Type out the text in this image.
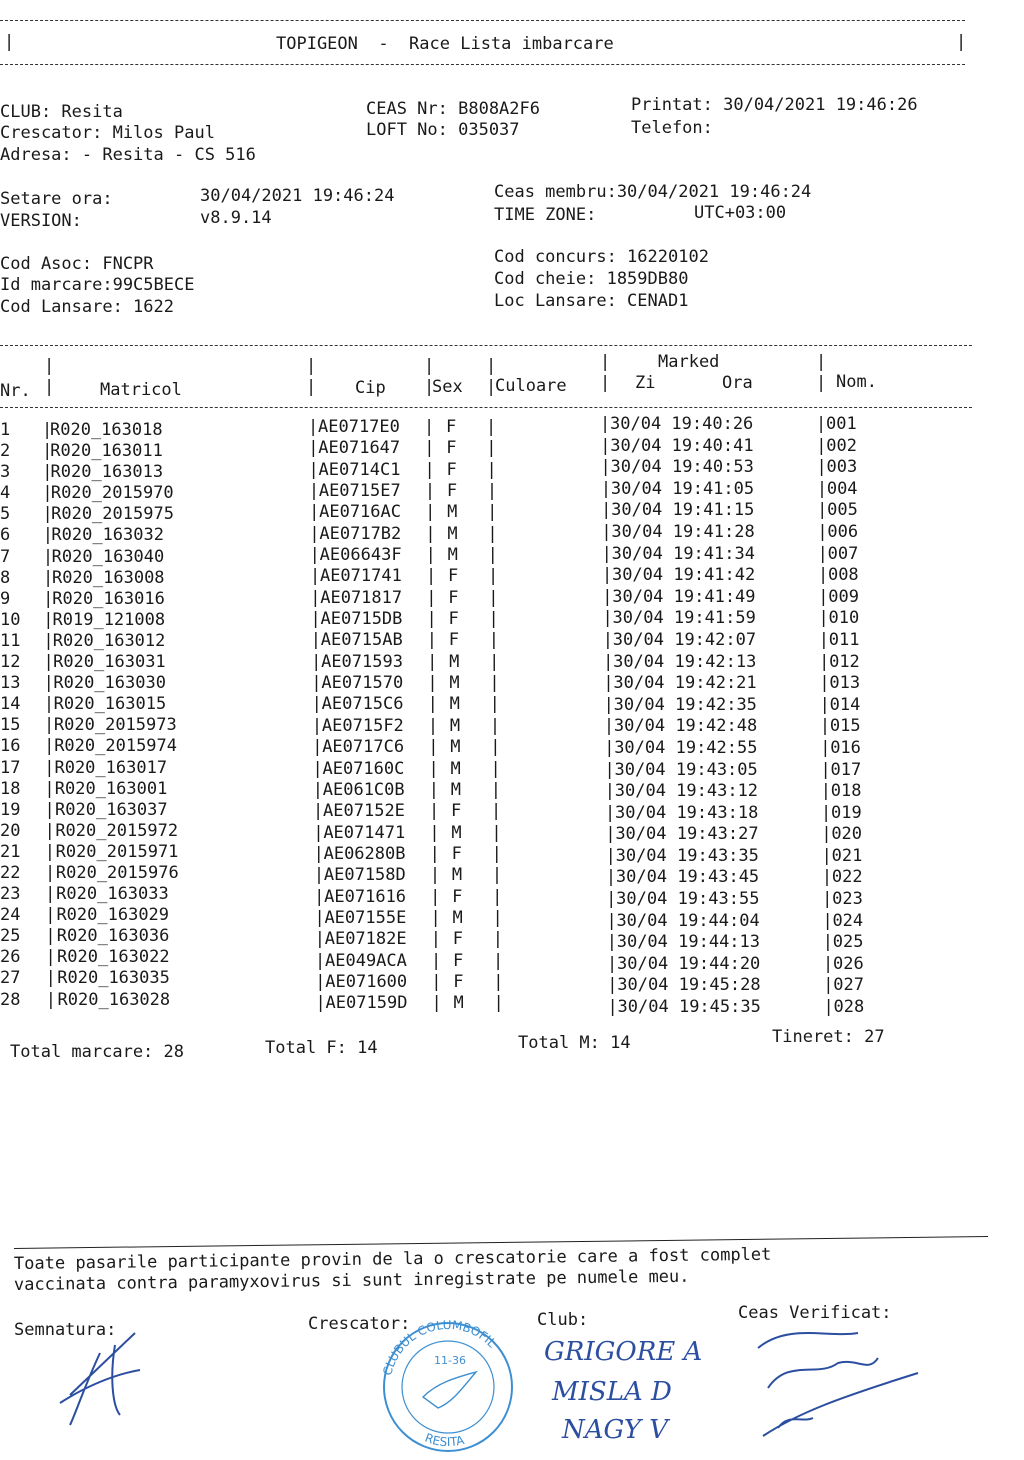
|	|
TOPIGEON  -  Race Lista imbarcare
CLUB: Resita
Crescator: Milos Paul
Adresa: - Resita - CS 516
CEAS Nr: B808A2F6
LOFT No: 035037
Printat: 30/04/2021 19:46:26
Telefon:
Setare ora:	30/04/2021 19:46:24
VERSION:	v8.9.14
Ceas membru:30/04/2021 19:46:24
TIME ZONE:	UTC+03:00
Cod Asoc: FNCPR
Id marcare:99C5BECE
Cod Lansare: 1622
Cod concurs: 16220102
Cod cheie: 1859DB80
Loc Lansare: CENAD1
Marked
Nr.	Matricol	Cip	Sex Culoare	Zi	Ora	Nom.
|
|
|
|
|
|
|
|
|
|
|
|
1 R020_163018	AE0717E0	F	30/04 19:40:26	001
|	|	|	|	|	|
2 R020_163011	AE071647	F	30/04 19:40:41	002
|	|	|	|	|	|
3 R020_163013	AE0714C1	F	30/04 19:40:53	003
|	|	|	|	|	|
4 R020_2015970	AE0715E7	F	30/04 19:41:05	004
|	|	|	|	|	|
5 R020_2015975	AE0716AC	M	30/04 19:41:15	005
|	|	|	|	|	|
6 R020_163032	AE0717B2	M	30/04 19:41:28	006
|	|	|	|	|	|
7 R020_163040	AE06643F	M	30/04 19:41:34	007
|	|	|	|	|	|
8 R020_163008	AE071741	F	30/04 19:41:42	008
|	|	|	|	|	|
9 R020_163016	AE071817	F	30/04 19:41:49	009
|	|	|	|	|	|
10 R019_121008	AE0715DB	F	30/04 19:41:59	010
|	|	|	|	|	|
11 R020_163012	AE0715AB	F	30/04 19:42:07	011
|	|	|	|	|	|
12 R020_163031	AE071593	M	30/04 19:42:13	012
|	|	|	|	|	|
13 R020_163030	AE071570	M	30/04 19:42:21	013
|	|	|	|	|	|
14 R020_163015	AE0715C6	M	30/04 19:42:35	014
|	|	|	|	|	|
15 R020_2015973	AE0715F2	M	30/04 19:42:48	015
|	|	|	|	|	|
16 R020_2015974	AE0717C6	M	30/04 19:42:55	016
|	|	|	|	|	|
17 R020_163017	AE07160C	M	30/04 19:43:05	017
|	|	|	|	|	|
18 R020_163001	AE061C0B	M	30/04 19:43:12	018
|	|	|	|	|	|
19 R020_163037	AE07152E	F	30/04 19:43:18	019
|	|	|	|	|	|
20 R020_2015972	AE071471	M	30/04 19:43:27	020
|	|	|	|	|	|
21 R020_2015971	AE06280B	F	30/04 19:43:35	021
|	|	|	|	|	|
22 R020_2015976	AE07158D	M	30/04 19:43:45	022
|	|	|	|	|	|
23 R020_163033	AE071616	F	30/04 19:43:55	023
|	|	|	|	|	|
24 R020_163029	AE07155E	M	30/04 19:44:04	024
|	|	|	|	|	|
25 R020_163036	AE07182E	F	30/04 19:44:13	025
|	|	|	|	|	|
26 R020_163022	AE049ACA	F	30/04 19:44:20	026
|	|	|	|	|	|
27 R020_163035	AE071600	F	30/04 19:45:28	027
|	|	|	|	|	|
28 R020_163028	AE07159D	M	30/04 19:45:35	028
|	|	|	|	|	|
Total marcare: 28	Total F: 14	Total M: 14	Tineret: 27
Toate pasarile participante provin de la o crescatorie care a fost complet
vaccinata contra paramyxovirus si sunt inregistrate pe numele meu.
Semnatura:	Crescator:	Club:	Ceas Verificat:
CLUBUL COLUMBOFIL
11-36
RESITA
GRIGORE A
MISLA D
NAGY V
